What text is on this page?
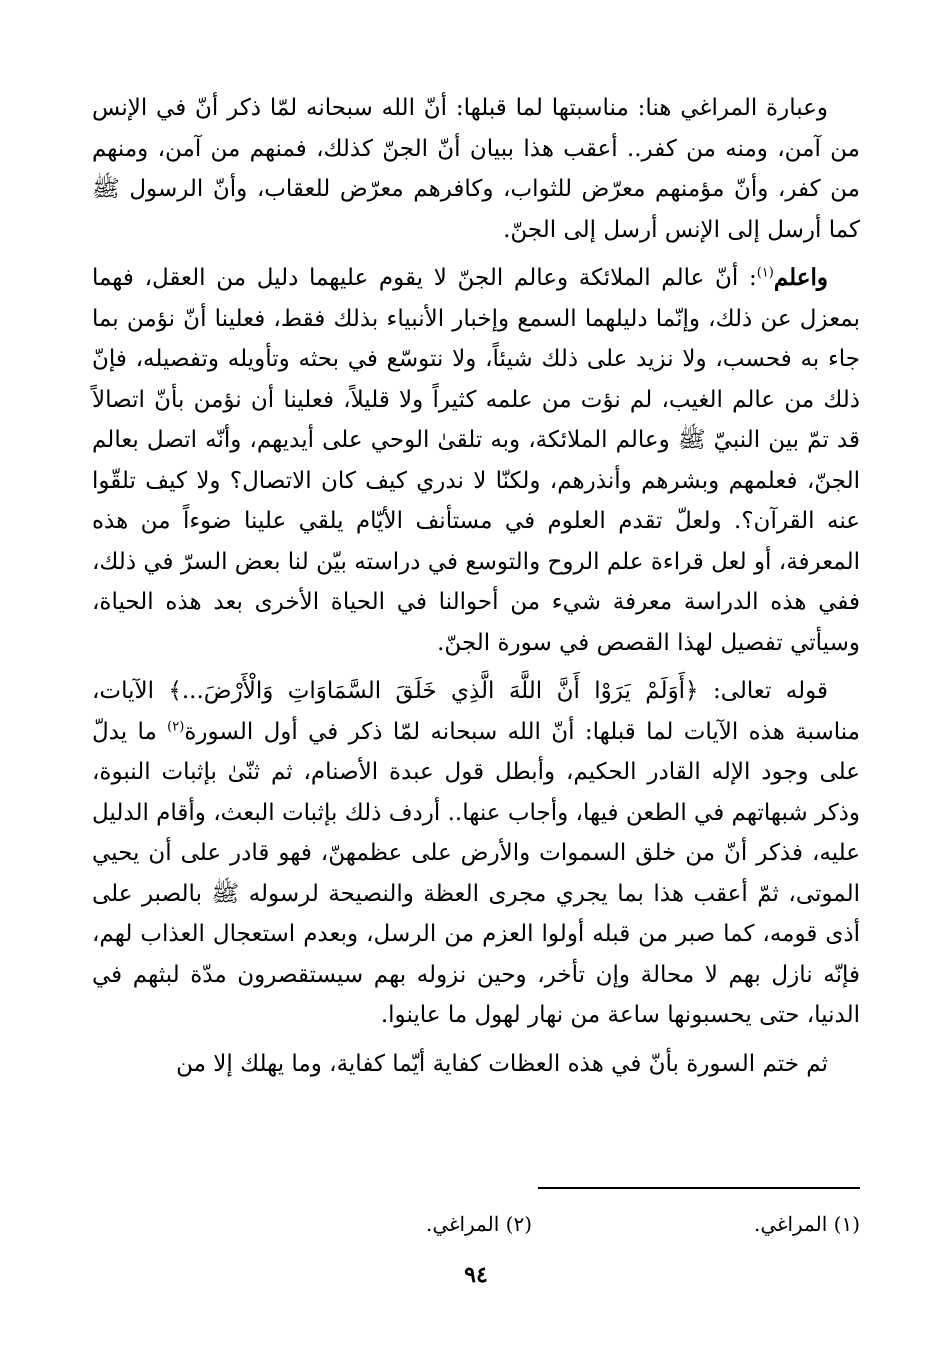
وعبارة المراغي هنا: مناسبتها لما قبلها: أنّ الله سبحانه لمّا ذكر أنّ في الإنس من آمن، ومنه من كفر.. أعقب هذا ببيان أنّ الجنّ كذلك، فمنهم من آمن، ومنهم من كفر، وأنّ مؤمنهم معرّض للثواب، وكافرهم معرّض للعقاب، وأنّ الرسول ﷺ كما أرسل إلى الإنس أرسل إلى الجنّ.

واعلم$^{(١)}$: أنّ عالم الملائكة وعالم الجنّ لا يقوم عليهما دليل من العقل، فهما بمعزل عن ذلك، وإنّما دليلهما السمع وإخبار الأنبياء بذلك فقط، فعلينا أنّ نؤمن بما جاء به فحسب، ولا نزيد على ذلك شيئاً، ولا نتوسّع في بحثه وتأويله وتفصيله، فإنّ ذلك من عالم الغيب، لم نؤت من علمه كثيراً ولا قليلاً، فعلينا أن نؤمن بأنّ اتصالاً قد تمّ بين النبيّ ﷺ وعالم الملائكة، وبه تلقىٰ الوحي على أيديهم، وأنّه اتصل بعالم الجنّ، فعلمهم وبشرهم وأنذرهم، ولكنّا لا ندري كيف كان الاتصال؟ ولا كيف تلقّوا عنه القرآن؟. ولعلّ تقدم العلوم في مستأنف الأيّام يلقي علينا ضوءاً من هذه المعرفة، أو لعل قراءة علم الروح والتوسع في دراسته بيّن لنا بعض السرّ في ذلك، ففي هذه الدراسة معرفة شيء من أحوالنا في الحياة الأخرى بعد هذه الحياة، وسيأتي تفصيل لهذا القصص في سورة الجنّ.

قوله تعالى: ﴿أَوَلَمْ يَرَوْا أَنَّ اللَّهَ الَّذِي خَلَقَ السَّمَاوَاتِ وَالْأَرْضَ...﴾ الآيات، مناسبة هذه الآيات لما قبلها: أنّ الله سبحانه لمّا ذكر في أول السورة$^{(٢)}$ ما يدلّ على وجود الإله القادر الحكيم، وأبطل قول عبدة الأصنام، ثم ثنّىٰ بإثبات النبوة، وذكر شبهاتهم في الطعن فيها، وأجاب عنها.. أردف ذلك بإثبات البعث، وأقام الدليل عليه، فذكر أنّ من خلق السموات والأرض على عظمهنّ، فهو قادر على أن يحيي الموتى، ثمّ أعقب هذا بما يجري مجرى العظة والنصيحة لرسوله ﷺ بالصبر على أذى قومه، كما صبر من قبله أولوا العزم من الرسل، وبعدم استعجال العذاب لهم، فإنّه نازل بهم لا محالة وإن تأخر، وحين نزوله بهم سيستقصرون مدّة لبثهم في الدنيا، حتى يحسبونها ساعة من نهار لهول ما عاينوا.

ثم ختم السورة بأنّ في هذه العظات كفاية أيّما كفاية، وما يهلك إلا من

(١) المراغي.
(٢) المراغي.
٩٤
